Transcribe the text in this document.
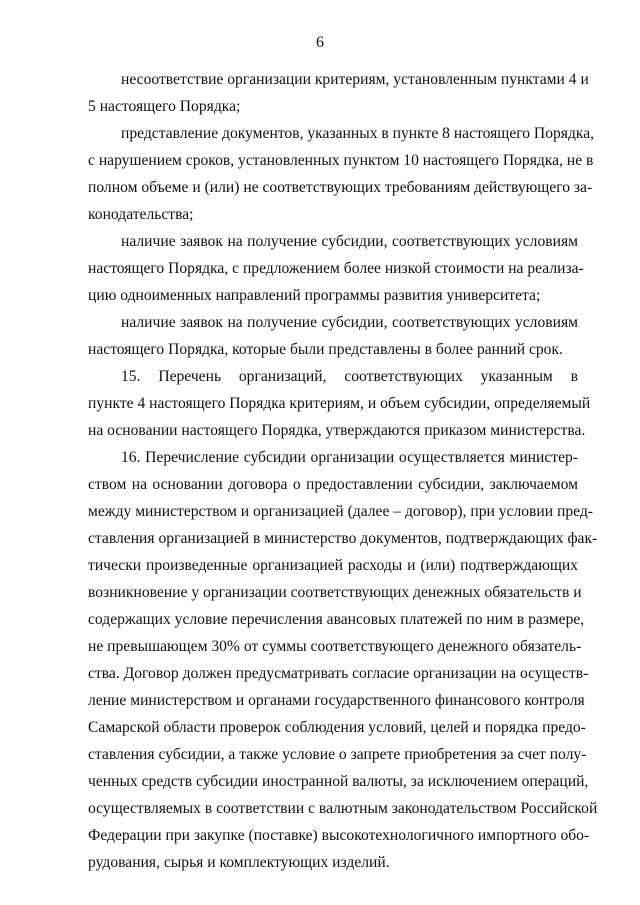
6
несоответствие организации критериям, установленным пунктами 4 и
5 настоящего Порядка;
представление документов, указанных в пункте 8 настоящего Порядка,
с нарушением сроков, установленных пунктом 10 настоящего Порядка, не в
полном объеме и (или) не соответствующих требованиям действующего за-
конодательства;
наличие заявок на получение субсидии, соответствующих условиям
настоящего Порядка, с предложением более низкой стоимости на реализа-
цию одноименных направлений программы развития университета;
наличие заявок на получение субсидии, соответствующих условиям
настоящего Порядка, которые были представлены в более ранний срок.
15. Перечень организаций, соответствующих указанным в
пункте 4 настоящего Порядка критериям, и объем субсидии, определяемый
на основании настоящего Порядка, утверждаются приказом министерства.
16. Перечисление субсидии организации осуществляется министер-
ством на основании договора о предоставлении субсидии, заключаемом
между министерством и организацией (далее – договор), при условии пред-
ставления организацией в министерство документов, подтверждающих фак-
тически произведенные организацией расходы и (или) подтверждающих
возникновение у организации соответствующих денежных обязательств и
содержащих условие перечисления авансовых платежей по ним в размере,
не превышающем 30% от суммы соответствующего денежного обязатель-
ства. Договор должен предусматривать согласие организации на осуществ-
ление министерством и органами государственного финансового контроля
Самарской области проверок соблюдения условий, целей и порядка предо-
ставления субсидии, а также условие о запрете приобретения за счет полу-
ченных средств субсидии иностранной валюты, за исключением операций,
осуществляемых в соответствии с валютным законодательством Российской
Федерации при закупке (поставке) высокотехнологичного импортного обо-
рудования, сырья и комплектующих изделий.
